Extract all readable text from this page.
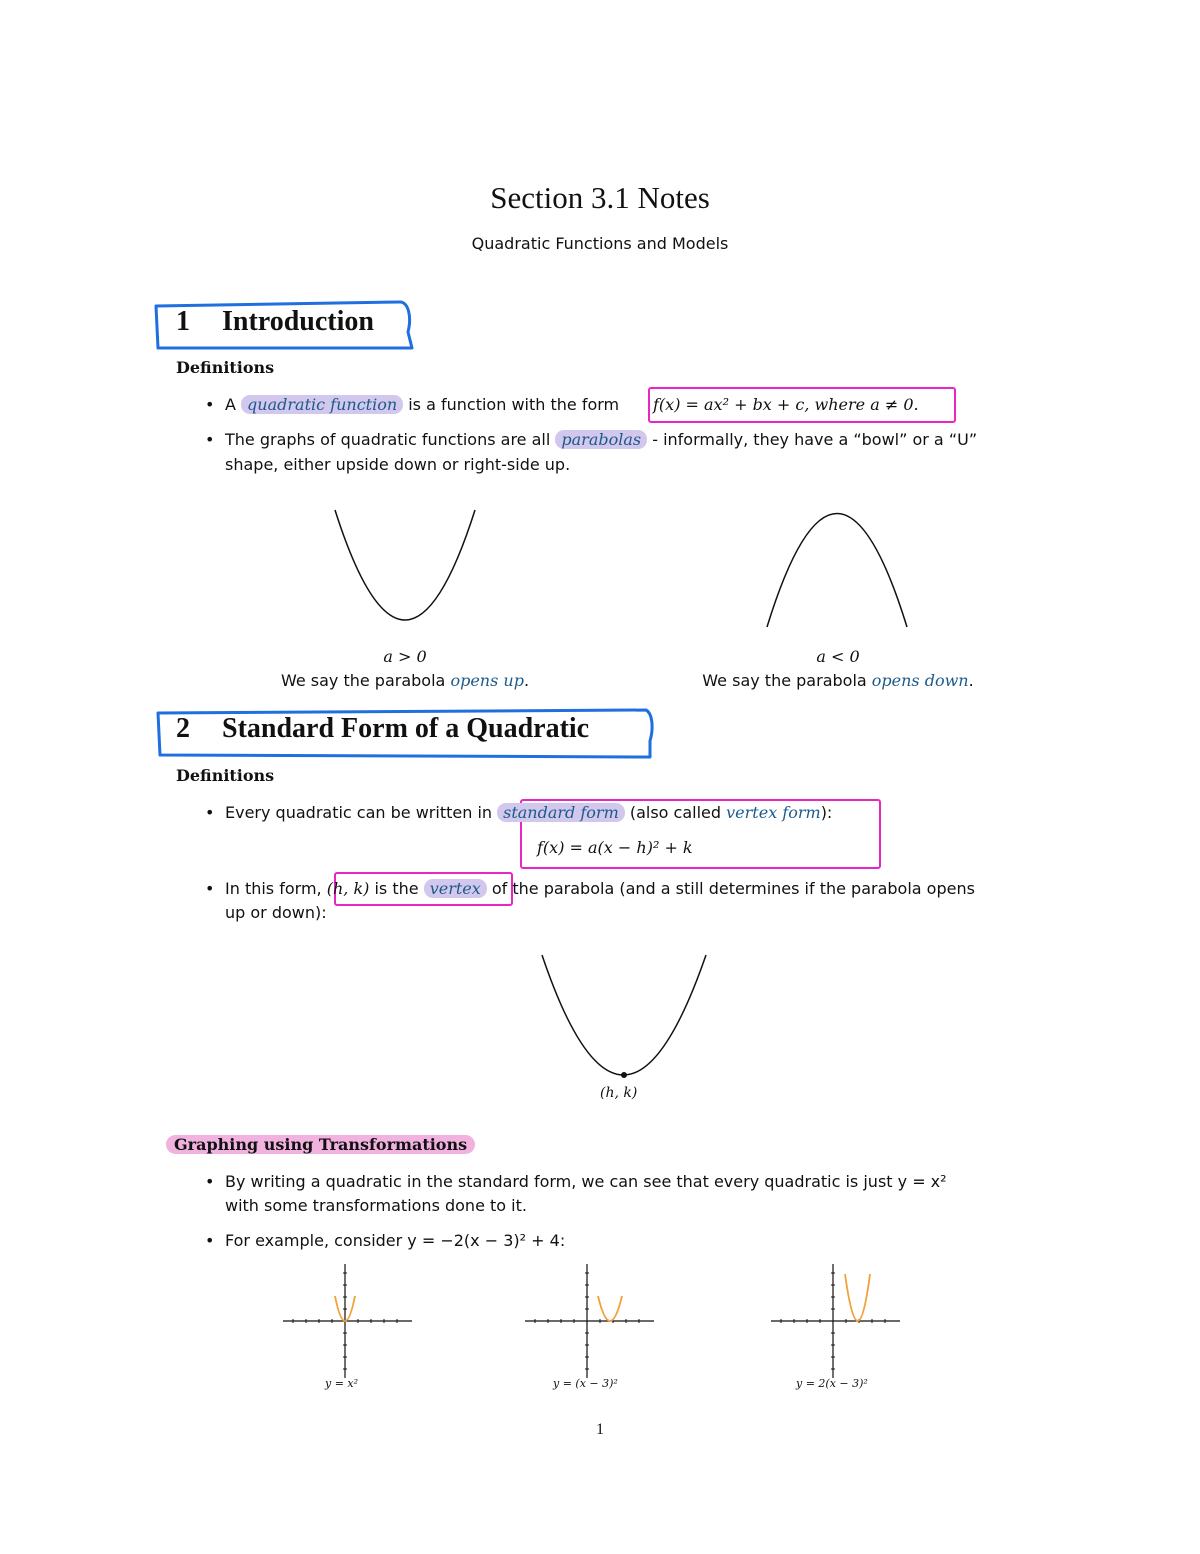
Section 3.1 Notes
Quadratic Functions and Models
1 Introduction
Definitions
• A quadratic function is a function with the form f(x) = ax² + bx + c, where a ≠ 0.
• The graphs of quadratic functions are all parabolas - informally, they have a “bowl” or a “U”
shape, either upside down or right-side up.
a > 0
We say the parabola opens up.
a < 0
We say the parabola opens down.
2 Standard Form of a Quadratic
Definitions
• Every quadratic can be written in standard form (also called vertex form):
f(x) = a(x − h)² + k
• In this form, (h, k) is the vertex of the parabola (and a still determines if the parabola opens
up or down):
(h, k)
Graphing using Transformations
• By writing a quadratic in the standard form, we can see that every quadratic is just y = x²
with some transformations done to it.
• For example, consider y = −2(x − 3)² + 4:
y = x²	y = (x − 3)²	y = 2(x − 3)²
1
